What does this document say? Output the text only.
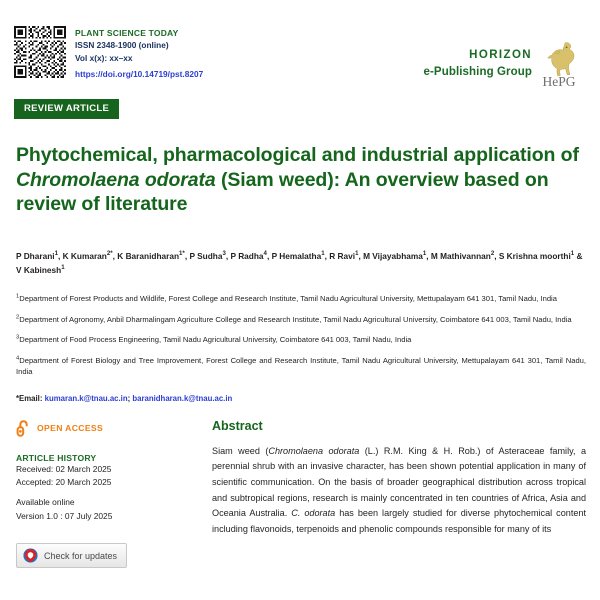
PLANT SCIENCE TODAY
ISSN 2348-1900 (online)
Vol x(x): xx–xx
https://doi.org/10.14719/pst.8207
HORIZON
e-Publishing Group
HePG
REVIEW ARTICLE
Phytochemical, pharmacological and industrial application of Chromolaena odorata (Siam weed): An overview based on review of literature
P Dharani$^1$, K Kumaran$^{2*}$, K Baranidharan$^{1*}$, P Sudha$^3$, P Radha$^4$, P Hemalatha$^1$, R Ravi$^1$, M Vijayabhama$^1$, M Mathivannan$^2$, S Krishna moorthi$^1$ & V Kabinesh$^1$
$^1$Department of Forest Products and Wildlife, Forest College and Research Institute, Tamil Nadu Agricultural University, Mettupalayam 641 301, Tamil Nadu, India
$^2$Department of Agronomy, Anbil Dharmalingam Agriculture College and Research Institute, Tamil Nadu Agricultural University, Coimbatore 641 003, Tamil Nadu, India
$^3$Department of Food Process Engineering, Tamil Nadu Agricultural University, Coimbatore 641 003, Tamil Nadu, India
$^4$Department of Forest Biology and Tree Improvement, Forest College and Research Institute, Tamil Nadu Agricultural University, Mettupalayam 641 301, Tamil Nadu, India
*Email: kumaran.k@tnau.ac.in; baranidharan.k@tnau.ac.in
OPEN ACCESS
ARTICLE HISTORY
Received: 02 March 2025
Accepted: 20 March 2025
Available online
Version 1.0 : 07 July 2025
Check for updates
Abstract
Siam weed (Chromolaena odorata (L.) R.M. King & H. Rob.) of Asteraceae family, a perennial shrub with an invasive character, has been shown potential application in many of scientific communication. On the basis of broader geographical distribution across tropical and subtropical regions, research is mainly concentrated in ten countries of Africa, Asia and Oceania Australia. C. odorata has been largely studied for diverse phytochemical content including flavonoids, terpenoids and phenolic compounds responsible for many of its
